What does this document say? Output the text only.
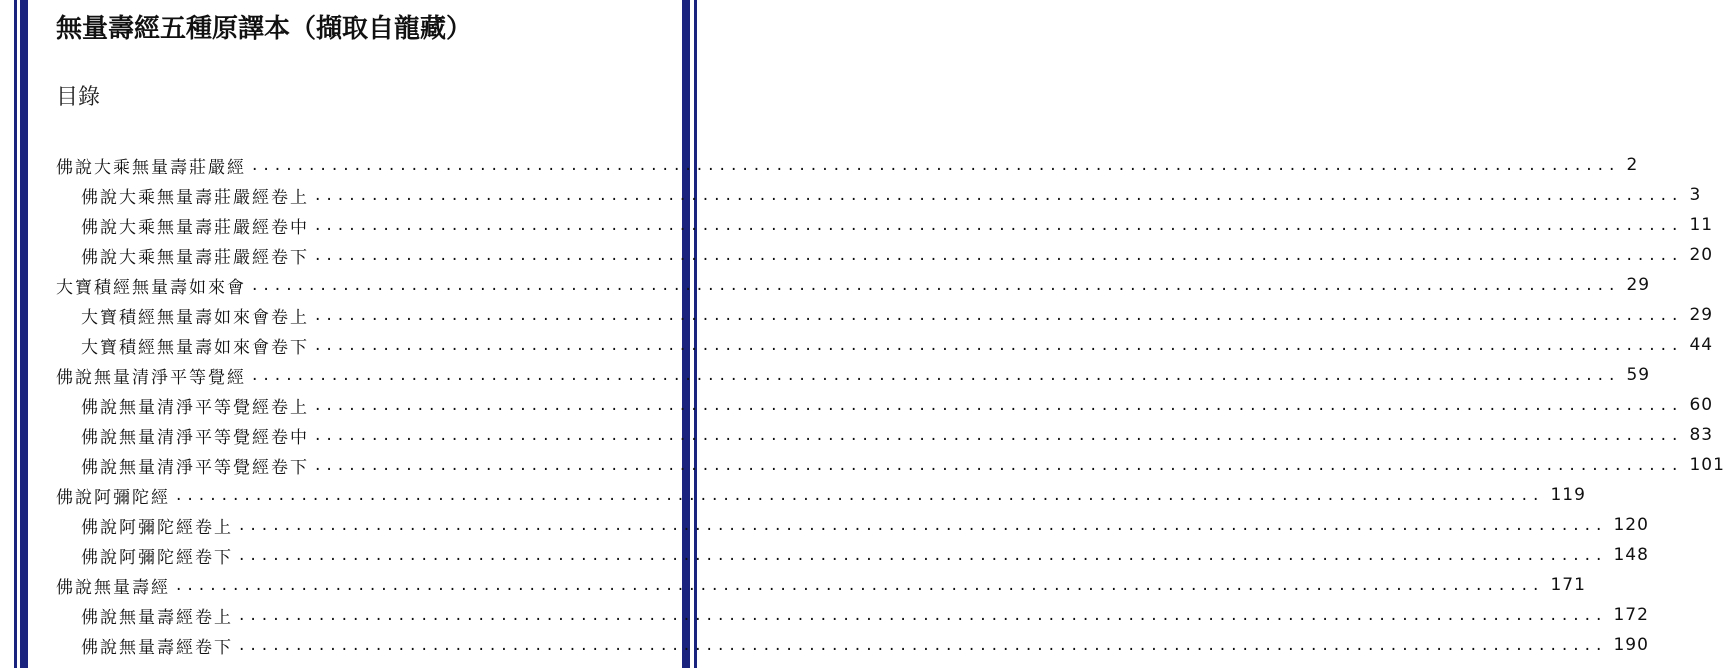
無量壽經五種原譯本（擷取自龍藏）
目錄
佛說大乘無量壽莊嚴經 ........................................................................................................................ 2
佛說大乘無量壽莊嚴經卷上 ........................................................................................................................ 3
佛說大乘無量壽莊嚴經卷中 ........................................................................................................................ 11
佛說大乘無量壽莊嚴經卷下 ........................................................................................................................ 20
大寶積經無量壽如來會 ........................................................................................................................ 29
大寶積經無量壽如來會卷上 ........................................................................................................................ 29
大寶積經無量壽如來會卷下 ........................................................................................................................ 44
佛說無量清淨平等覺經 ........................................................................................................................ 59
佛說無量清淨平等覺經卷上 ........................................................................................................................ 60
佛說無量清淨平等覺經卷中 ........................................................................................................................ 83
佛說無量清淨平等覺經卷下 ........................................................................................................................ 101
佛說阿彌陀經 ........................................................................................................................ 119
佛說阿彌陀經卷上 ........................................................................................................................ 120
佛說阿彌陀經卷下 ........................................................................................................................ 148
佛說無量壽經 ........................................................................................................................ 171
佛說無量壽經卷上 ........................................................................................................................ 172
佛說無量壽經卷下 ........................................................................................................................ 190
